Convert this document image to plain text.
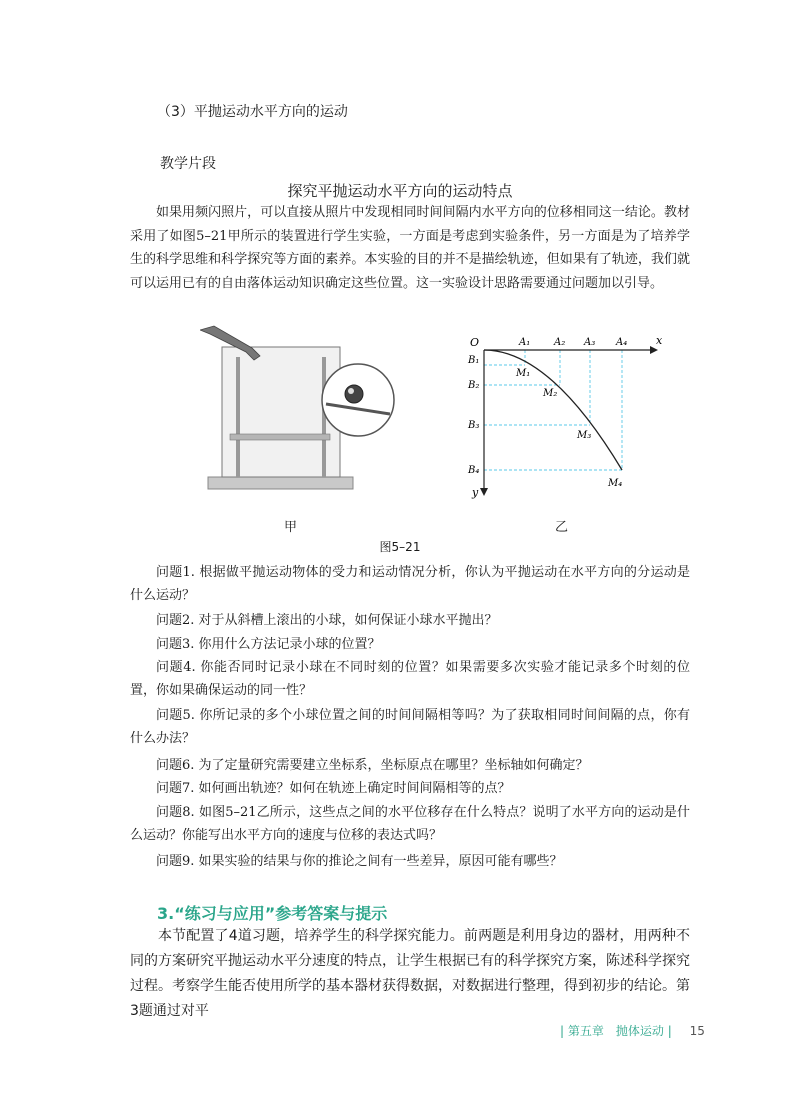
（3）平抛运动水平方向的运动
教学片段
探究平抛运动水平方向的运动特点
如果用频闪照片，可以直接从照片中发现相同时间间隔内水平方向的位移相同这一结论。教材采用了如图5–21甲所示的装置进行学生实验，一方面是考虑到实验条件，另一方面是为了培养学生的科学思维和科学探究等方面的素养。本实验的目的并不是描绘轨迹，但如果有了轨迹，我们就可以运用已有的自由落体运动知识确定这些位置。这一实验设计思路需要通过问题加以引导。
O	x
y
A₁ A₂ A₃ A₄
B₁
B₂
B₃
B₄
M₁
M₂
M₃
M₄
甲	乙
图5–21
问题1. 根据做平抛运动物体的受力和运动情况分析，你认为平抛运动在水平方向的分运动是什么运动？
问题2. 对于从斜槽上滚出的小球，如何保证小球水平抛出？
问题3. 你用什么方法记录小球的位置？
问题4. 你能否同时记录小球在不同时刻的位置？如果需要多次实验才能记录多个时刻的位置，你如果确保运动的同一性？
问题5. 你所记录的多个小球位置之间的时间间隔相等吗？为了获取相同时间间隔的点，你有什么办法？
问题6. 为了定量研究需要建立坐标系，坐标原点在哪里？坐标轴如何确定？
问题7. 如何画出轨迹？如何在轨迹上确定时间间隔相等的点？
问题8. 如图5–21乙所示，这些点之间的水平位移存在什么特点？说明了水平方向的运动是什么运动？你能写出水平方向的速度与位移的表达式吗？
问题9. 如果实验的结果与你的推论之间有一些差异，原因可能有哪些？
3.“练习与应用”参考答案与提示
本节配置了4道习题，培养学生的科学探究能力。前两题是利用身边的器材，用两种不同的方案研究平抛运动水平分速度的特点，让学生根据已有的科学探究方案，陈述科学探究过程。考察学生能否使用所学的基本器材获得数据，对数据进行整理，得到初步的结论。第3题通过对平
| 第五章　抛体运动 | 15
